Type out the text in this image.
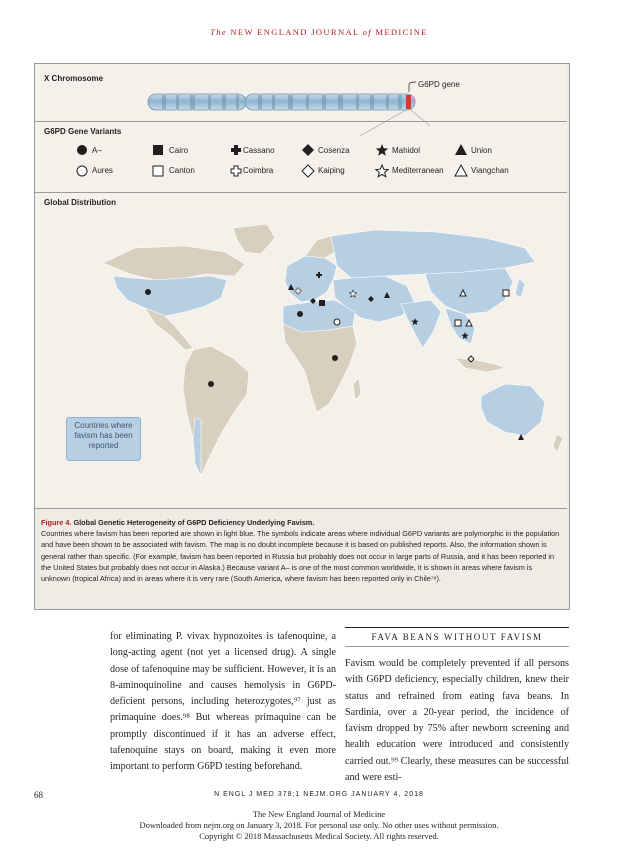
The NEW ENGLAND JOURNAL of MEDICINE
X Chromosome
G6PD gene
G6PD Gene Variants
A–
Aures
Cairo
Canton
Cassano
Coimbra
Cosenza
Kaiping
Mahidol
Mediterranean
Union
Viangchan
Global Distribution
Countries where favism has been reported
Figure 4. Global Genetic Heterogeneity of G6PD Deficiency Underlying Favism.
Countries where favism has been reported are shown in light blue. The symbols indicate areas where individual G6PD variants are polymorphic in the population and have been shown to be associated with favism. The map is no doubt incomplete because it is based on published reports. Also, the information shown is general rather than specific. (For example, favism has been reported in Russia but probably does not occur in large parts of Russia, and it has been reported in the United States but probably does not occur in Alaska.) Because variant A– is one of the most common worldwide, it is shown in areas where favism is unknown (tropical Africa) and in areas where it is very rare (South America, where favism has been reported only in Chile⁷⁸).
for eliminating P. vivax hypnozoites is tafenoquine, a long-acting agent (not yet a licensed drug). A single dose of tafenoquine may be sufficient. However, it is an 8-aminoquinoline and causes hemolysis in G6PD-deficient persons, including heterozygotes,⁹⁷ just as primaquine does.⁹⁸ But whereas primaquine can be promptly discontinued if it has an adverse effect, tafenoquine stays on board, making it even more important to perform G6PD testing beforehand.
FAVA BEANS WITHOUT FAVISM
Favism would be completely prevented if all persons with G6PD deficiency, especially children, knew their status and refrained from eating fava beans. In Sardinia, over a 20-year period, the incidence of favism dropped by 75% after newborn screening and health education were introduced and consistently carried out.⁹⁹ Clearly, these measures can be successful and were esti-
68	N ENGL J MED 378;1 NEJM.ORG JANUARY 4, 2018
The New England Journal of Medicine
Downloaded from nejm.org on January 3, 2018. For personal use only. No other uses without permission.
Copyright © 2018 Massachusetts Medical Society. All rights reserved.
